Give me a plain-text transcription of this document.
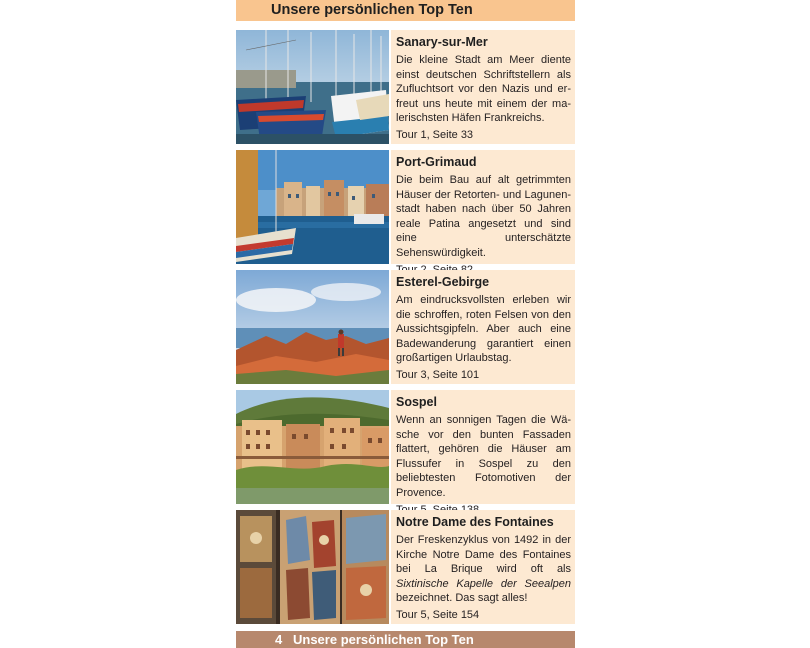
Unsere persönlichen Top Ten
Sanary-sur-Mer

Die kleine Stadt am Meer diente einst deutschen Schriftstellern als Zufluchtsort vor den Nazis und erfreut uns heute mit einem der malerischsten Häfen Frankreichs.

Tour 1, Seite 33
Port-Grimaud

Die beim Bau auf alt getrimmten Häuser der Retorten- und Lagunenstadt haben nach über 50 Jahren reale Patina angesetzt und sind eine unterschätzte Sehenswürdigkeit.

Esterel-Gebirge

Am eindrucksvollsten erleben wir die schroffen, roten Felsen von den Aussichtsgipfeln. Aber auch eine Badewanderung garantiert einen großartigen Urlaubstag.

Tour 3, Seite 101
Sospel

Wenn an sonnigen Tagen die Wäsche vor den bunten Fassaden flattert, gehören die Häuser am Flussufer in Sospel zu den beliebtesten Fotomotiven der Provence.

Notre Dame des Fontaines

Der Freskenzyklus von 1492 in der Kirche Notre Dame des Fontaines bei La Brique wird oft als Sixtinische Kapelle der Seealpen bezeichnet. Das sagt alles!

Tour 5, Seite 154
4 Unsere persönlichen Top Ten
